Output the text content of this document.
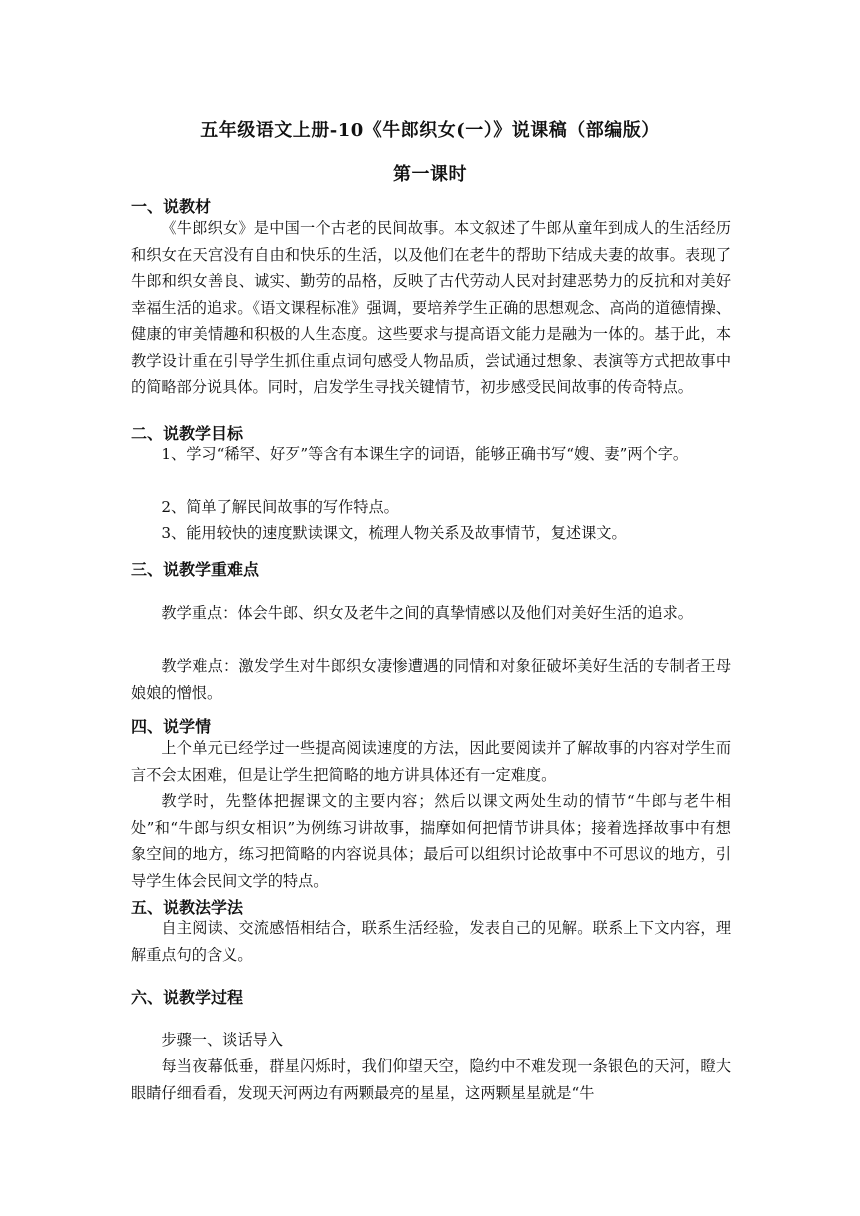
五年级语文上册-10《牛郎织女(一）》说课稿（部编版）
第一课时
一、说教材

《牛郎织女》是中国一个古老的民间故事。本文叙述了牛郎从童年到成人的生活经历和织女在天宫没有自由和快乐的生活，以及他们在老牛的帮助下结成夫妻的故事。表现了牛郎和织女善良、诚实、勤劳的品格，反映了古代劳动人民对封建恶势力的反抗和对美好幸福生活的追求。《语文课程标准》强调，要培养学生正确的思想观念、高尚的道德情操、健康的审美情趣和积极的人生态度。这些要求与提高语文能力是融为一体的。基于此，本教学设计重在引导学生抓住重点词句感受人物品质，尝试通过想象、表演等方式把故事中的简略部分说具体。同时，启发学生寻找关键情节，初步感受民间故事的传奇特点。

二、说教学目标

1、学习“稀罕、好歹”等含有本课生字的词语，能够正确书写“嫂、妻”两个字。

2、简单了解民间故事的写作特点。

3、能用较快的速度默读课文，梳理人物关系及故事情节，复述课文。

三、说教学重难点

教学重点：体会牛郎、织女及老牛之间的真挚情感以及他们对美好生活的追求。

教学难点：激发学生对牛郎织女凄惨遭遇的同情和对象征破坏美好生活的专制者王母娘娘的憎恨。

四、说学情

上个单元已经学过一些提高阅读速度的方法，因此要阅读并了解故事的内容对学生而言不会太困难，但是让学生把简略的地方讲具体还有一定难度。

教学时，先整体把握课文的主要内容；然后以课文两处生动的情节“牛郎与老牛相处”和“牛郎与织女相识”为例练习讲故事，揣摩如何把情节讲具体；接着选择故事中有想象空间的地方，练习把简略的内容说具体；最后可以组织讨论故事中不可思议的地方，引导学生体会民间文学的特点。

五、说教法学法

自主阅读、交流感悟相结合，联系生活经验，发表自己的见解。联系上下文内容，理解重点句的含义。

六、说教学过程

步骤一、谈话导入

每当夜幕低垂，群星闪烁时，我们仰望天空，隐约中不难发现一条银色的天河，瞪大眼睛仔细看看，发现天河两边有两颗最亮的星星，这两颗星星就是“牛
